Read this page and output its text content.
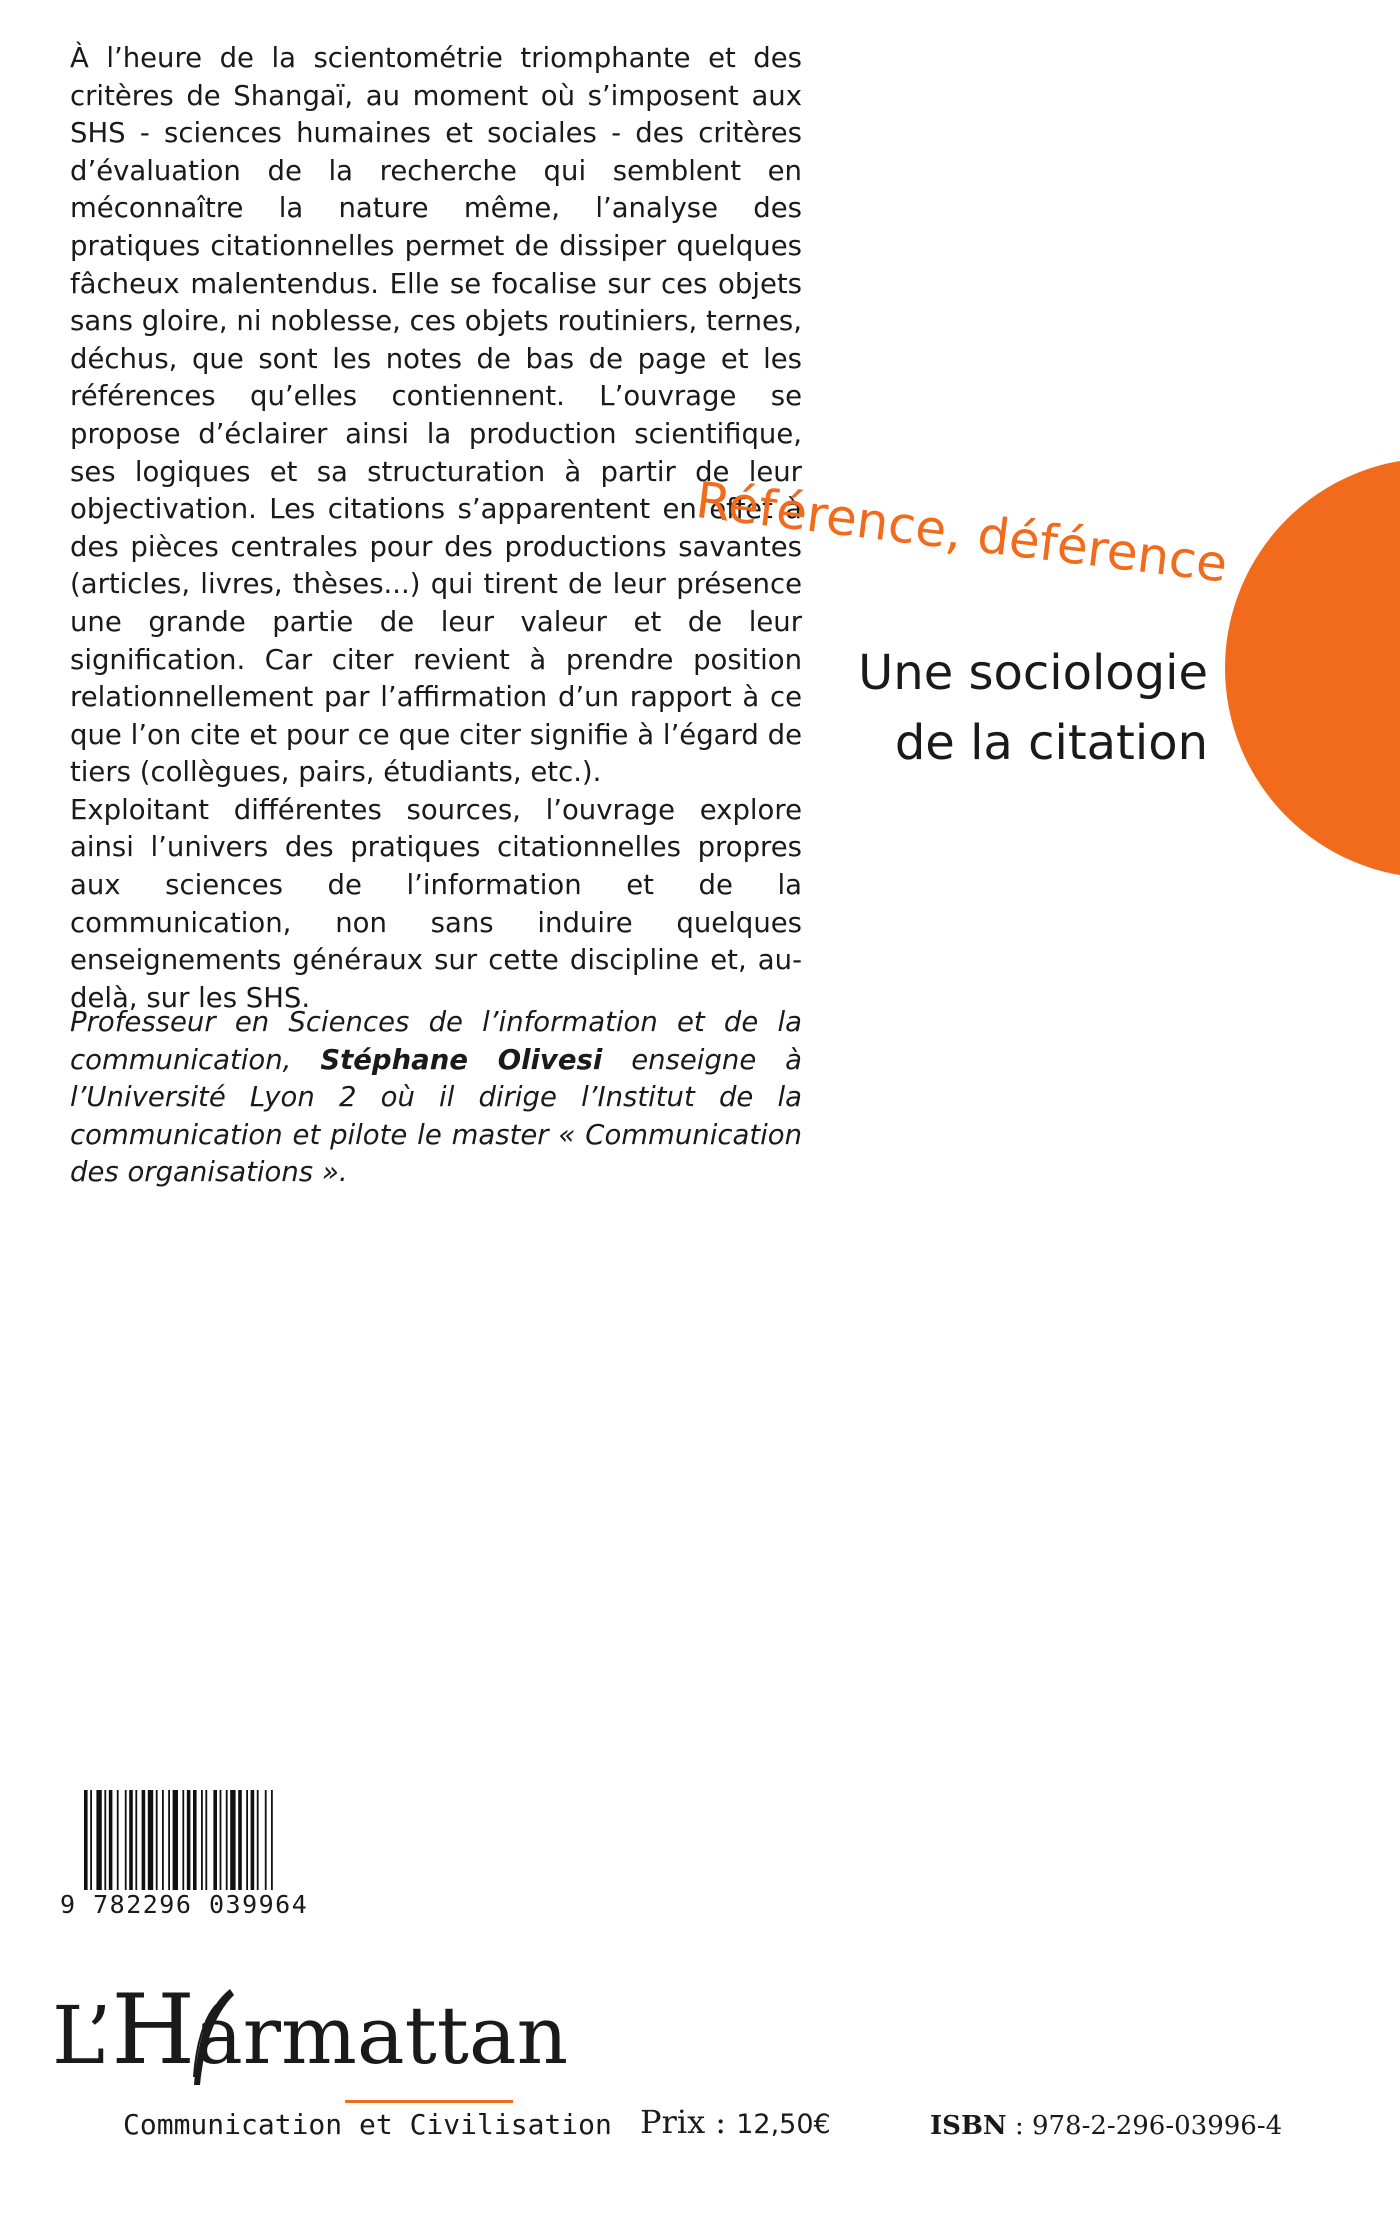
À l’heure de la scientométrie triomphante et des critères de Shangaï, au moment où s’imposent aux SHS - sciences humaines et sociales - des critères d’évaluation de la recherche qui semblent en méconnaître la nature même, l’analyse des pratiques citationnelles permet de dissiper quelques fâcheux malentendus. Elle se focalise sur ces objets sans gloire, ni noblesse, ces objets routiniers, ternes, déchus, que sont les notes de bas de page et les références qu’elles contiennent. L’ouvrage se propose d’éclairer ainsi la production scientifique, ses logiques et sa structuration à partir de leur objectivation. Les citations s’apparentent en effet à des pièces centrales pour des productions savantes (articles, livres, thèses...) qui tirent de leur présence une grande partie de leur valeur et de leur signification. Car citer revient à prendre position relationnellement par l’affirmation d’un rapport à ce que l’on cite et pour ce que citer signifie à l’égard de tiers (collègues, pairs, étudiants, etc.).

Exploitant différentes sources, l’ouvrage explore ainsi l’univers des pratiques citationnelles propres aux sciences de l’information et de la communication, non sans induire quelques enseignements généraux sur cette discipline et, au-delà, sur les SHS.

Professeur en Sciences de l’information et de la communication, Stéphane Olivesi enseigne à l’Université Lyon 2 où il dirige l’Institut de la communication et pilote le master « Communication des organisations ».
Référence, déférence
Une sociologie
de la citation
9 782296 039964
L’Harmattan
Communication et Civilisation Prix : 12,50€	ISBN : 978-2-296-03996-4
